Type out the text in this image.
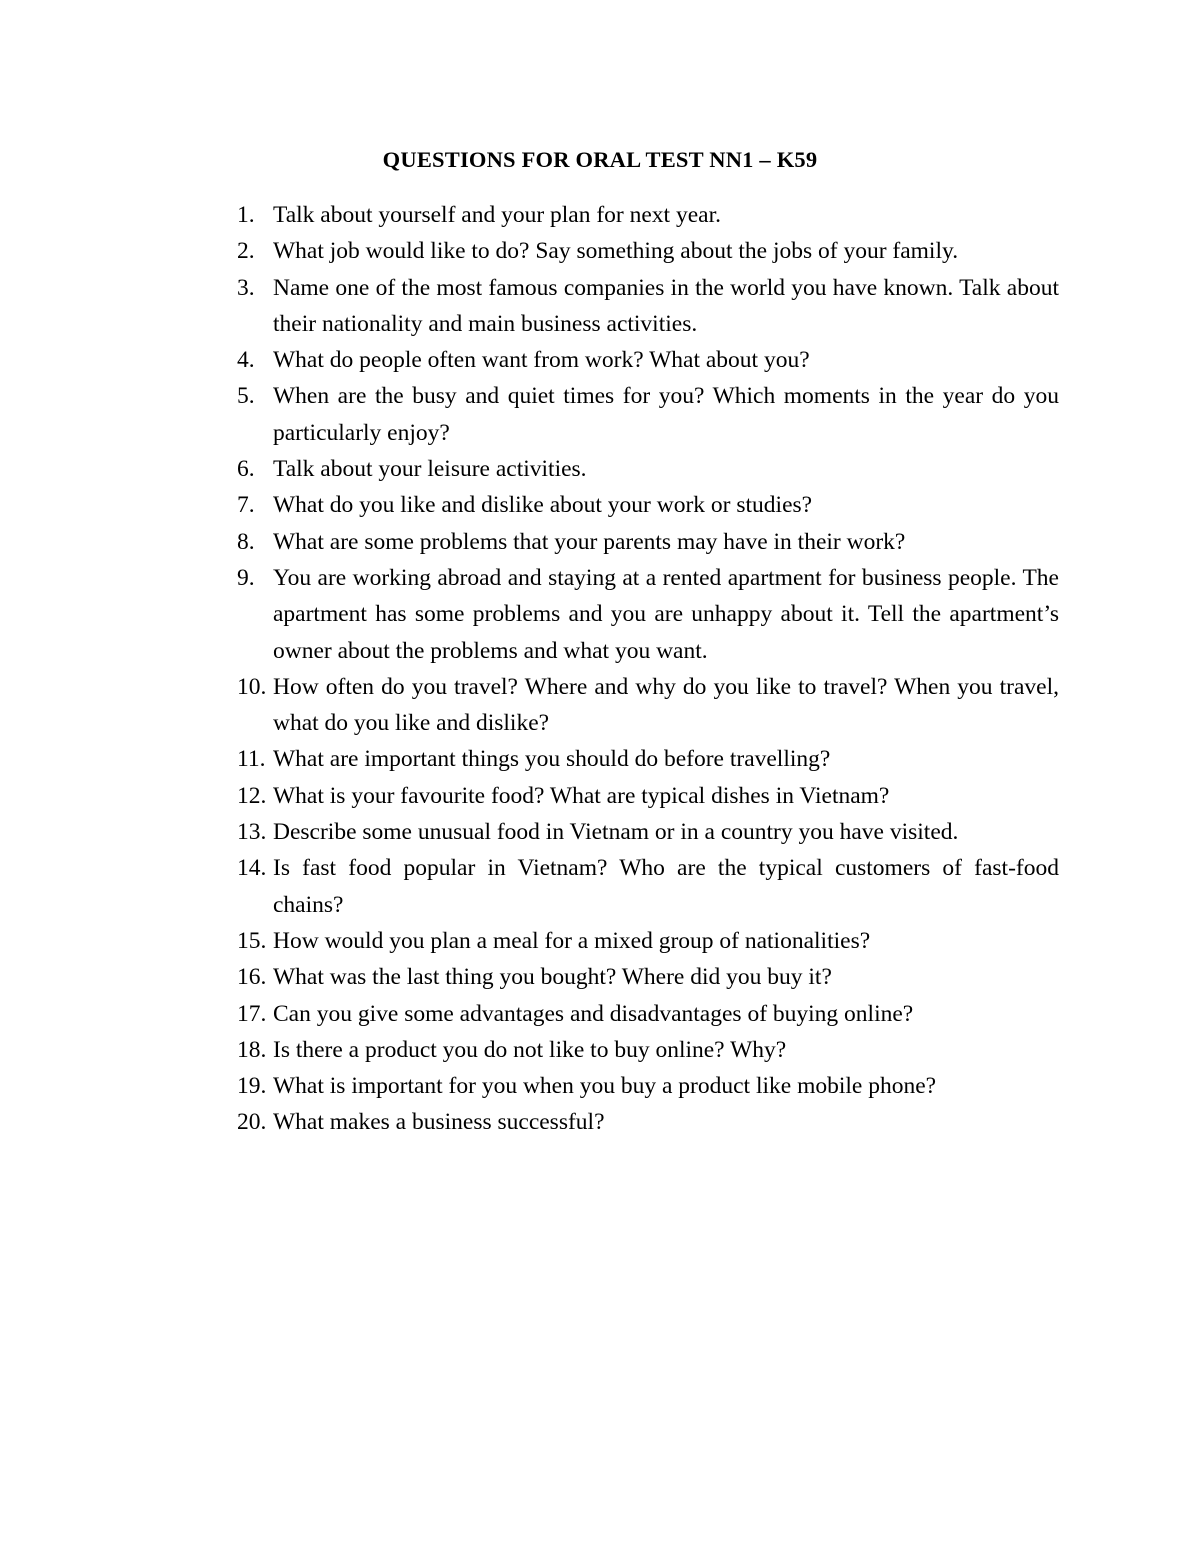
QUESTIONS FOR ORAL TEST NN1 – K59
1. Talk about yourself and your plan for next year.
2. What job would like to do? Say something about the jobs of your family.
3. Name one of the most famous companies in the world you have known. Talk about their nationality and main business activities.
4. What do people often want from work? What about you?
5. When are the busy and quiet times for you? Which moments in the year do you particularly enjoy?
6. Talk about your leisure activities.
7. What do you like and dislike about your work or studies?
8. What are some problems that your parents may have in their work?
9. You are working abroad and staying at a rented apartment for business people. The apartment has some problems and you are unhappy about it. Tell the apartment’s owner about the problems and what you want.
10. How often do you travel? Where and why do you like to travel? When you travel, what do you like and dislike?
11. What are important things you should do before travelling?
12. What is your favourite food? What are typical dishes in Vietnam?
13. Describe some unusual food in Vietnam or in a country you have visited.
14. Is fast food popular in Vietnam? Who are the typical customers of fast-food chains?
15. How would you plan a meal for a mixed group of nationalities?
16. What was the last thing you bought? Where did you buy it?
17. Can you give some advantages and disadvantages of buying online?
18. Is there a product you do not like to buy online? Why?
19. What is important for you when you buy a product like mobile phone?
20. What makes a business successful?
